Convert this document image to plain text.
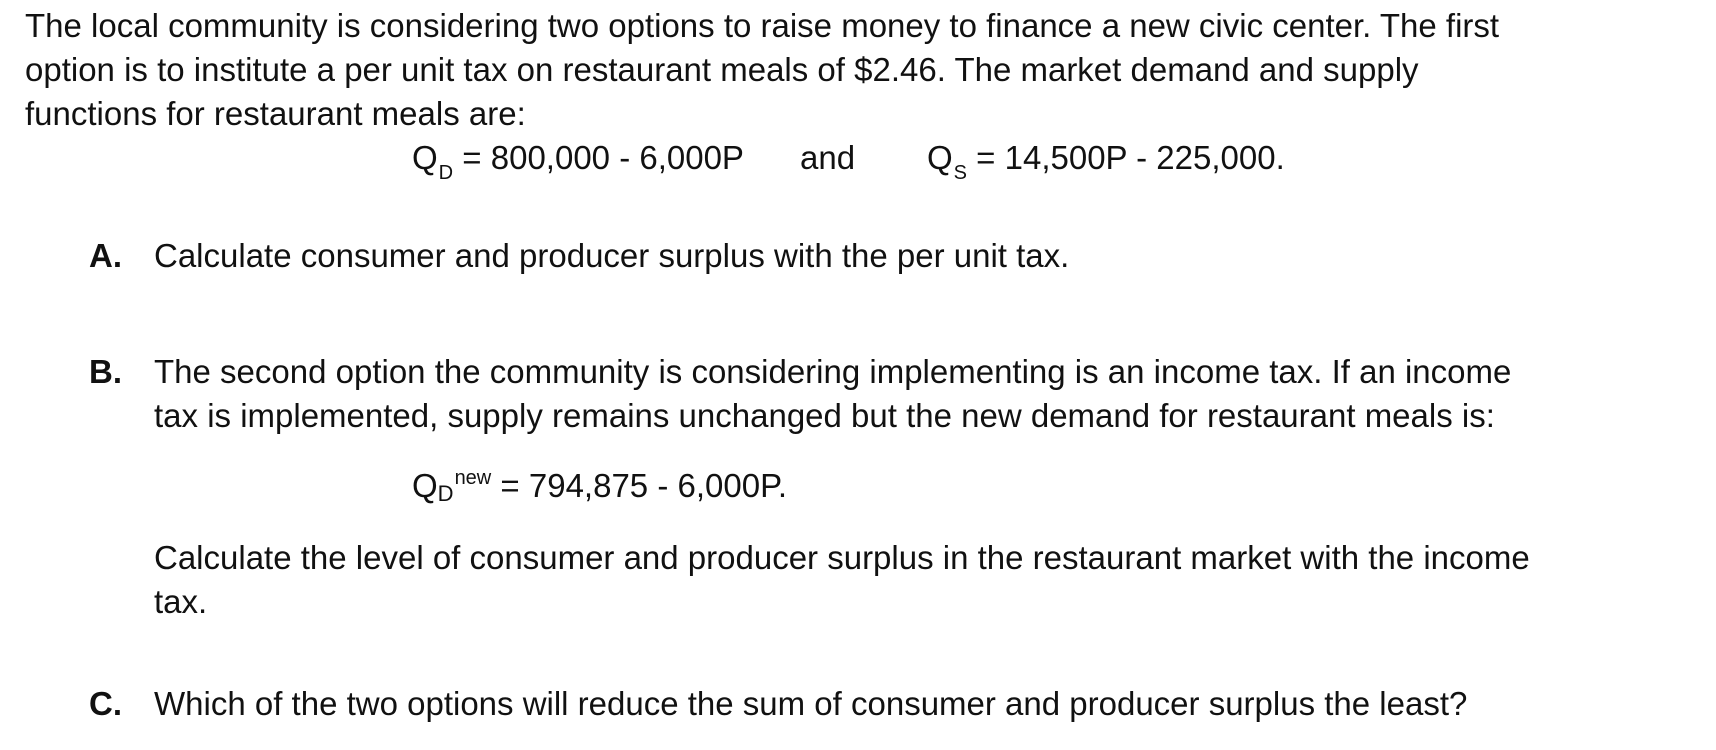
The local community is considering two options to raise money to finance a new civic center. The first
option is to institute a per unit tax on restaurant meals of $2.46. The market demand and supply
functions for restaurant meals are:
$Q_D = 800,000 - 6,000P$ and $Q_S = 14,500P - 225,000$.
A. Calculate consumer and producer surplus with the per unit tax.
B. The second option the community is considering implementing is an income tax. If an income
tax is implemented, supply remains unchanged but the new demand for restaurant meals is:
$QD^{new} = 794,875 - 6,000P$.
Calculate the level of consumer and producer surplus in the restaurant market with the income
tax.
C. Which of the two options will reduce the sum of consumer and producer surplus the least?
